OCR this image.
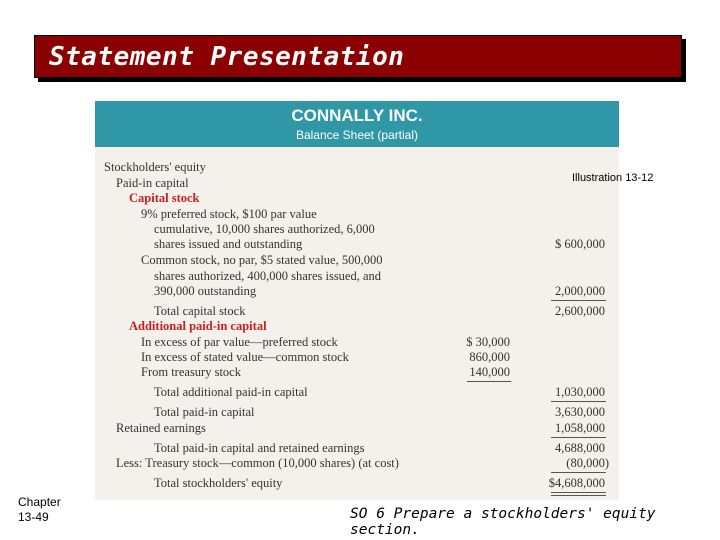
Statement Presentation
CONNALLY INC.
Balance Sheet (partial)
Stockholders' equity
Paid-in capital
Capital stock
9% preferred stock, $100 par value
cumulative, 10,000 shares authorized, 6,000
shares issued and outstanding
Common stock, no par, $5 stated value, 500,000
shares authorized, 400,000 shares issued, and
390,000 outstanding
Total capital stock
Additional paid-in capital
In excess of par value—preferred stock
In excess of stated value—common stock
From treasury stock
Total additional paid-in capital
Total paid-in capital
Retained earnings
Total paid-in capital and retained earnings
Less: Treasury stock—common (10,000 shares) (at cost)
Total stockholders' equity
$ 30,000
860,000
140,000
$ 600,000
2,000,000
2,600,000
1,030,000
3,630,000
1,058,000
4,688,000
(80,000)
$4,608,000
Illustration 13-12
Chapter
13-49	SO 6 Prepare a stockholders' equity section.
